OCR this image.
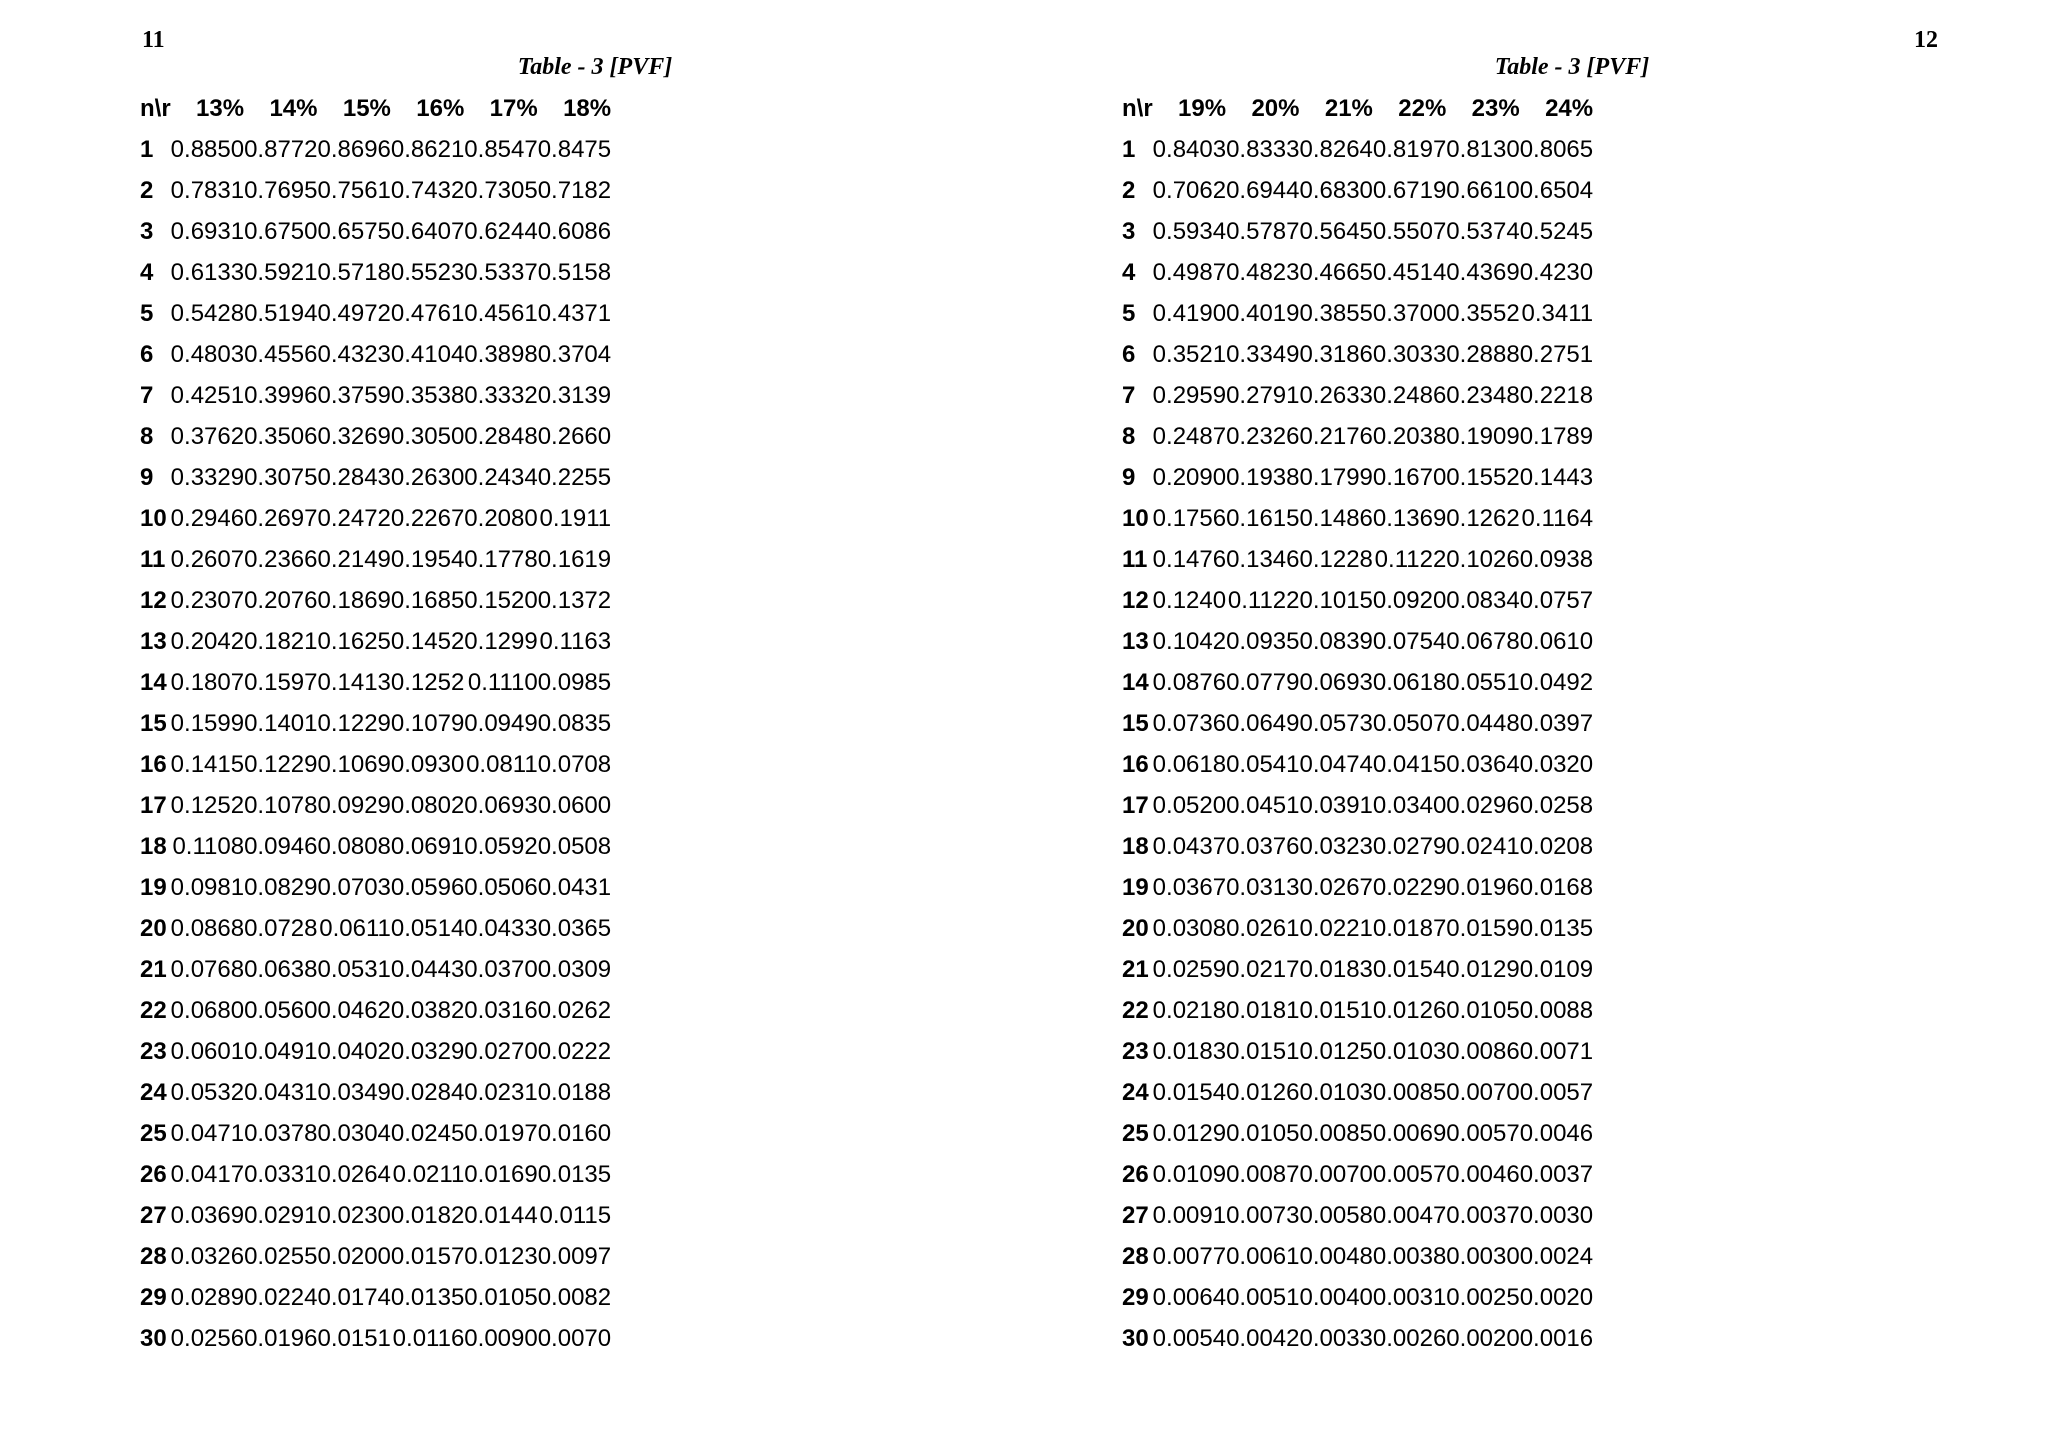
11	12
Table - 3 [PVF]
n\r	13%	14%	15%	16%	17%	18%
1	0.8850	0.8772	0.8696	0.8621	0.8547	0.8475
2	0.7831	0.7695	0.7561	0.7432	0.7305	0.7182
3	0.6931	0.6750	0.6575	0.6407	0.6244	0.6086
4	0.6133	0.5921	0.5718	0.5523	0.5337	0.5158
5	0.5428	0.5194	0.4972	0.4761	0.4561	0.4371
6	0.4803	0.4556	0.4323	0.4104	0.3898	0.3704
7	0.4251	0.3996	0.3759	0.3538	0.3332	0.3139
8	0.3762	0.3506	0.3269	0.3050	0.2848	0.2660
9	0.3329	0.3075	0.2843	0.2630	0.2434	0.2255
10	0.2946	0.2697	0.2472	0.2267	0.2080	0.1911
11	0.2607	0.2366	0.2149	0.1954	0.1778	0.1619
12	0.2307	0.2076	0.1869	0.1685	0.1520	0.1372
13	0.2042	0.1821	0.1625	0.1452	0.1299	0.1163
14	0.1807	0.1597	0.1413	0.1252	0.1110	0.0985
15	0.1599	0.1401	0.1229	0.1079	0.0949	0.0835
16	0.1415	0.1229	0.1069	0.0930	0.0811	0.0708
17	0.1252	0.1078	0.0929	0.0802	0.0693	0.0600
18	0.1108	0.0946	0.0808	0.0691	0.0592	0.0508
19	0.0981	0.0829	0.0703	0.0596	0.0506	0.0431
20	0.0868	0.0728	0.0611	0.0514	0.0433	0.0365
21	0.0768	0.0638	0.0531	0.0443	0.0370	0.0309
22	0.0680	0.0560	0.0462	0.0382	0.0316	0.0262
23	0.0601	0.0491	0.0402	0.0329	0.0270	0.0222
24	0.0532	0.0431	0.0349	0.0284	0.0231	0.0188
25	0.0471	0.0378	0.0304	0.0245	0.0197	0.0160
26	0.0417	0.0331	0.0264	0.0211	0.0169	0.0135
27	0.0369	0.0291	0.0230	0.0182	0.0144	0.0115
28	0.0326	0.0255	0.0200	0.0157	0.0123	0.0097
29	0.0289	0.0224	0.0174	0.0135	0.0105	0.0082
30	0.0256	0.0196	0.0151	0.0116	0.0090	0.0070
Table - 3 [PVF]
n\r	19%	20%	21%	22%	23%	24%
1	0.8403	0.8333	0.8264	0.8197	0.8130	0.8065
2	0.7062	0.6944	0.6830	0.6719	0.6610	0.6504
3	0.5934	0.5787	0.5645	0.5507	0.5374	0.5245
4	0.4987	0.4823	0.4665	0.4514	0.4369	0.4230
5	0.4190	0.4019	0.3855	0.3700	0.3552	0.3411
6	0.3521	0.3349	0.3186	0.3033	0.2888	0.2751
7	0.2959	0.2791	0.2633	0.2486	0.2348	0.2218
8	0.2487	0.2326	0.2176	0.2038	0.1909	0.1789
9	0.2090	0.1938	0.1799	0.1670	0.1552	0.1443
10	0.1756	0.1615	0.1486	0.1369	0.1262	0.1164
11	0.1476	0.1346	0.1228	0.1122	0.1026	0.0938
12	0.1240	0.1122	0.1015	0.0920	0.0834	0.0757
13	0.1042	0.0935	0.0839	0.0754	0.0678	0.0610
14	0.0876	0.0779	0.0693	0.0618	0.0551	0.0492
15	0.0736	0.0649	0.0573	0.0507	0.0448	0.0397
16	0.0618	0.0541	0.0474	0.0415	0.0364	0.0320
17	0.0520	0.0451	0.0391	0.0340	0.0296	0.0258
18	0.0437	0.0376	0.0323	0.0279	0.0241	0.0208
19	0.0367	0.0313	0.0267	0.0229	0.0196	0.0168
20	0.0308	0.0261	0.0221	0.0187	0.0159	0.0135
21	0.0259	0.0217	0.0183	0.0154	0.0129	0.0109
22	0.0218	0.0181	0.0151	0.0126	0.0105	0.0088
23	0.0183	0.0151	0.0125	0.0103	0.0086	0.0071
24	0.0154	0.0126	0.0103	0.0085	0.0070	0.0057
25	0.0129	0.0105	0.0085	0.0069	0.0057	0.0046
26	0.0109	0.0087	0.0070	0.0057	0.0046	0.0037
27	0.0091	0.0073	0.0058	0.0047	0.0037	0.0030
28	0.0077	0.0061	0.0048	0.0038	0.0030	0.0024
29	0.0064	0.0051	0.0040	0.0031	0.0025	0.0020
30	0.0054	0.0042	0.0033	0.0026	0.0020	0.0016
